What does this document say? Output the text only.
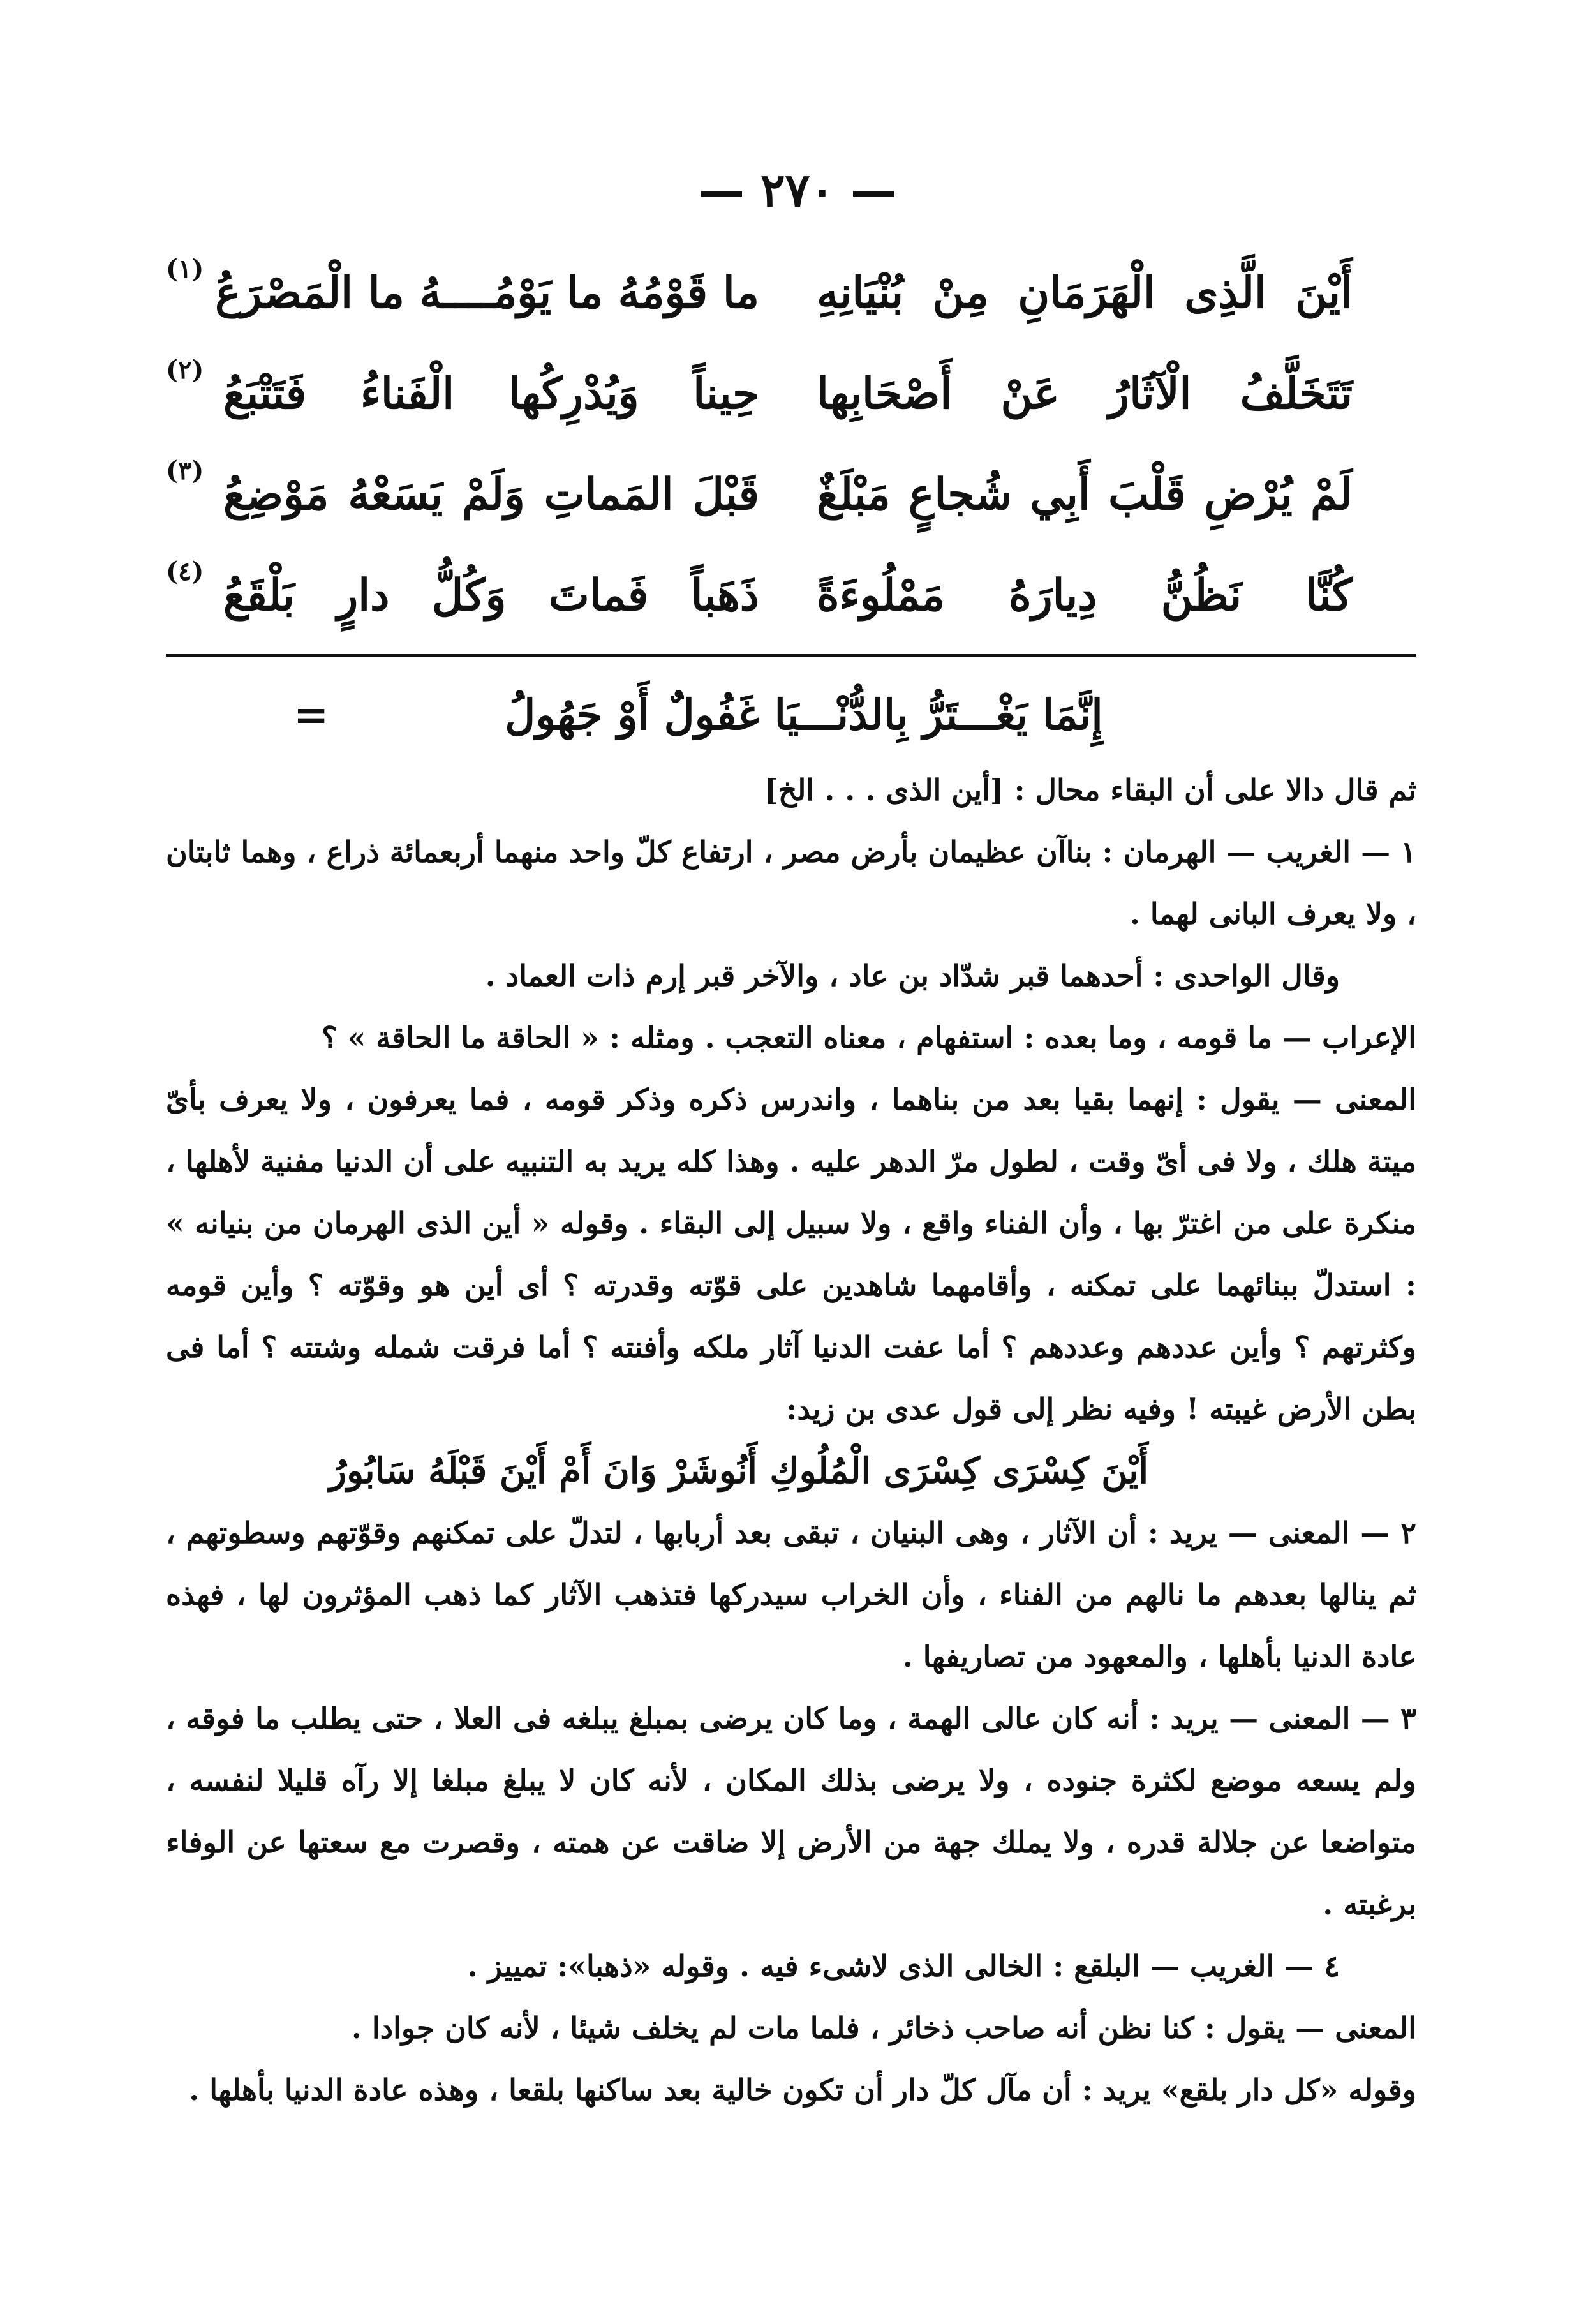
— ٢٧٠ —
أَيْنَ الَّذِى الْهَرَمَانِ مِنْ بُنْيَانِهِ
ما قَوْمُهُ ما يَوْمُــــهُ ما الْمَصْرَعُ
(١)
تَتَخَلَّفُ الْآثَارُ عَنْ أَصْحَابِها
حِيناً وَيُدْرِكُها الْفَناءُ فَتَتْبَعُ
(٢)
لَمْ يُرْضِ قَلْبَ أَبِي شُجاعٍ مَبْلَغٌ
قَبْلَ المَماتِ وَلَمْ يَسَعْهُ مَوْضِعُ
(٣)
كُنَّا نَظُنُّ دِيارَهُ مَمْلُوءَةً
ذَهَباً فَماتَ وَكُلُّ دارٍ بَلْقَعُ
(٤)
إِنَّمَا يَغْـــتَرُّ بِالدُّنْـــيَا غَفُولٌ أَوْ جَهُولُ
=

ثم قال دالا على أن البقاء محال : [أين الذى . . . الخ]

١ — الغريب — الهرمان : بناآن عظيمان بأرض مصر ، ارتفاع كلّ واحد منهما أربعمائة ذراع ، وهما ثابتان ، ولا يعرف البانى لهما .

وقال الواحدى : أحدهما قبر شدّاد بن عاد ، والآخر قبر إرم ذات العماد .

الإعراب — ما قومه ، وما بعده : استفهام ، معناه التعجب . ومثله : « الحاقة ما الحاقة » ؟

المعنى — يقول : إنهما بقيا بعد من بناهما ، واندرس ذكره وذكر قومه ، فما يعرفون ، ولا يعرف بأىّ ميتة هلك ، ولا فى أىّ وقت ، لطول مرّ الدهر عليه . وهذا كله يريد به التنبيه على أن الدنيا مفنية لأهلها ، منكرة على من اغترّ بها ، وأن الفناء واقع ، ولا سبيل إلى البقاء . وقوله « أين الذى الهرمان من بنيانه » : استدلّ ببنائهما على تمكنه ، وأقامهما شاهدين على قوّته وقدرته ؟ أى أين هو وقوّته ؟ وأين قومه وكثرتهم ؟ وأين عددهم وعددهم ؟ أما عفت الدنيا آثار ملكه وأفنته ؟ أما فرقت شمله وشتته ؟ أما فى بطن الأرض غيبته ! وفيه نظر إلى قول عدى بن زيد:

أَيْنَ كِسْرَى كِسْرَى الْمُلُوكِ أَنُوشَرْ وَانَ أَمْ أَيْنَ قَبْلَهُ سَابُورُ

٢ — المعنى — يريد : أن الآثار ، وهى البنيان ، تبقى بعد أربابها ، لتدلّ على تمكنهم وقوّتهم وسطوتهم ، ثم ينالها بعدهم ما نالهم من الفناء ، وأن الخراب سيدركها فتذهب الآثار كما ذهب المؤثرون لها ، فهذه عادة الدنيا بأهلها ، والمعهود من تصاريفها .

٣ — المعنى — يريد : أنه كان عالى الهمة ، وما كان يرضى بمبلغ يبلغه فى العلا ، حتى يطلب ما فوقه ، ولم يسعه موضع لكثرة جنوده ، ولا يرضى بذلك المكان ، لأنه كان لا يبلغ مبلغا إلا رآه قليلا لنفسه ، متواضعا عن جلالة قدره ، ولا يملك جهة من الأرض إلا ضاقت عن همته ، وقصرت مع سعتها عن الوفاء برغبته .

٤ — الغريب — البلقع : الخالى الذى لاشىء فيه . وقوله «ذهبا»: تمييز .

المعنى — يقول : كنا نظن أنه صاحب ذخائر ، فلما مات لم يخلف شيئا ، لأنه كان جوادا .

وقوله «كل دار بلقع» يريد : أن مآل كلّ دار أن تكون خالية بعد ساكنها بلقعا ، وهذه عادة الدنيا بأهلها .
